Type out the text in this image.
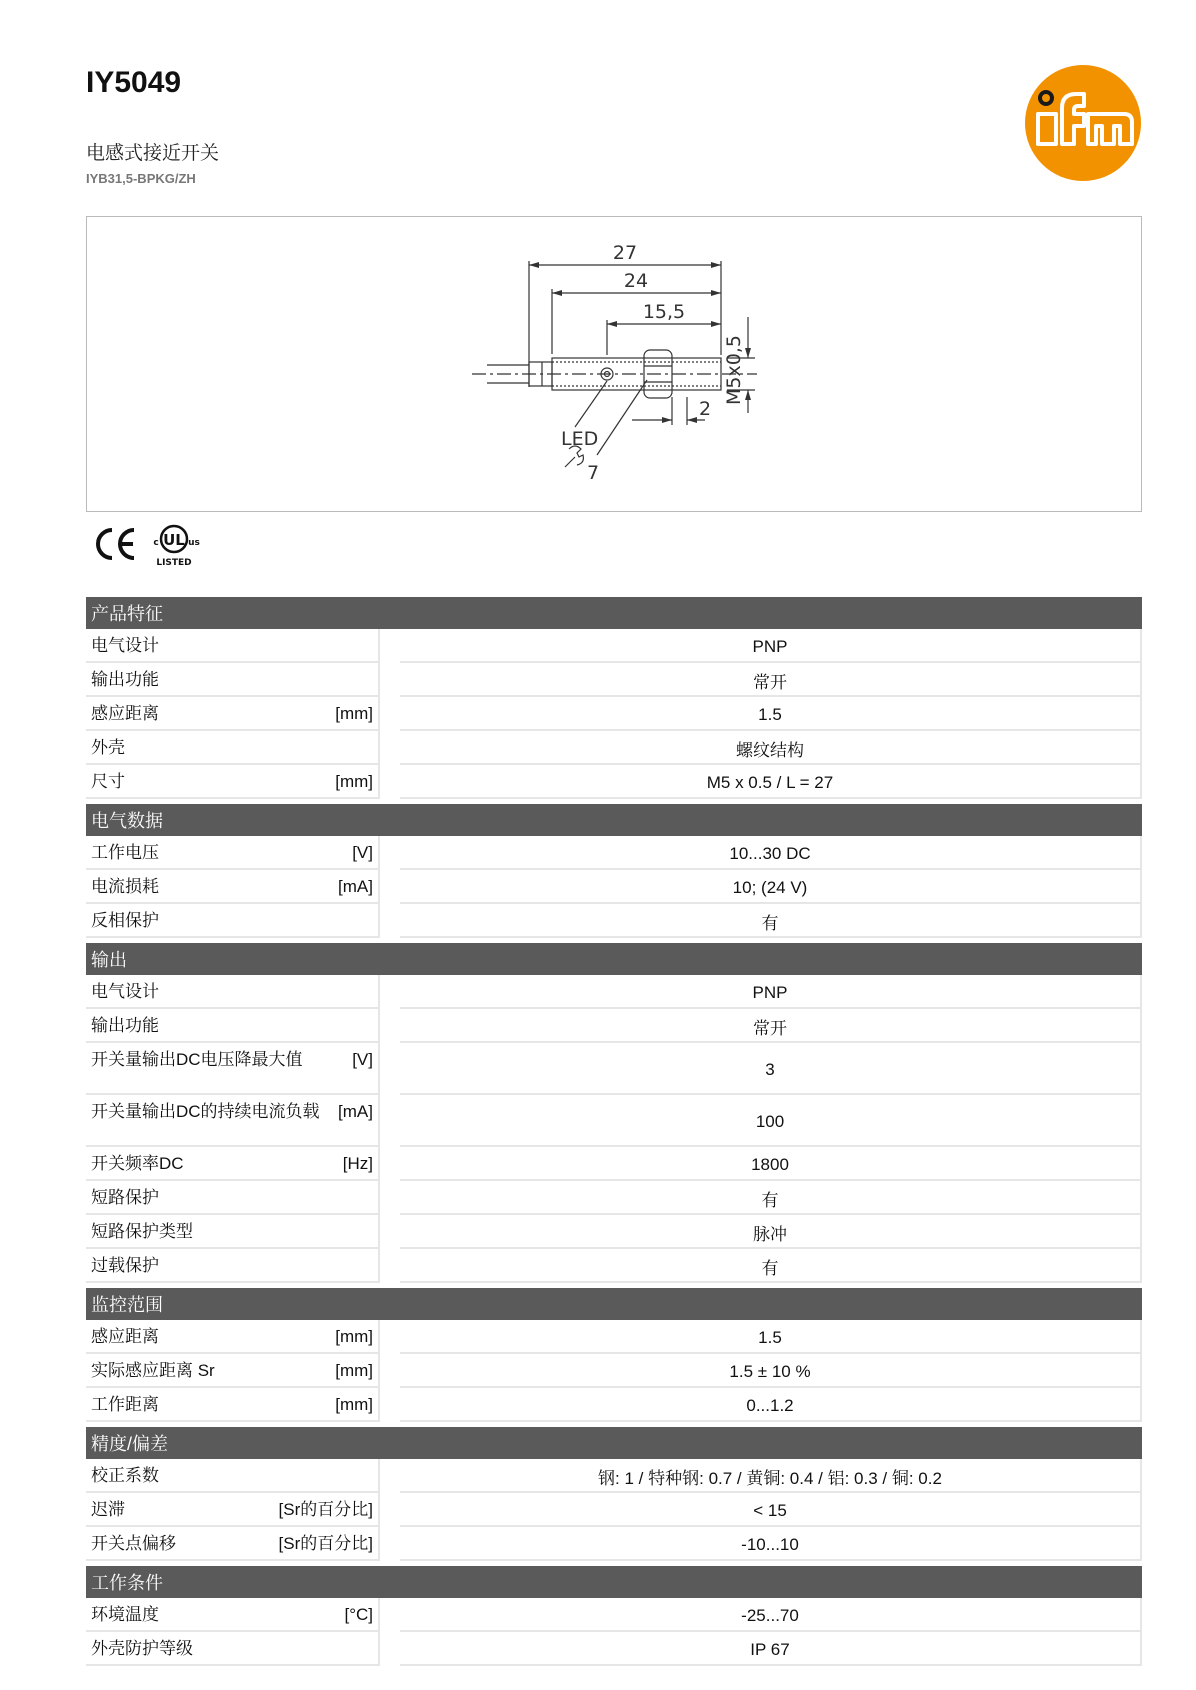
IY5049
电感式接近开关
IYB31,5-BPKG/ZH
27
24
15,5
M5x0,5
2
LED
7
UL
c	us
LISTED
产品特征
电气设计	PNP
输出功能	常开
感应距离	[mm]	1.5
外壳	螺纹结构
尺寸	[mm]	M5 x 0.5 / L = 27
电气数据
工作电压	[V]	10...30 DC
电流损耗	[mA]	10; (24 V)
反相保护	有
输出
电气设计	PNP
输出功能	常开
开关量输出DC电压降最大值	[V]	3
开关量输出DC的持续电流负载	[mA]	100
开关频率DC	[Hz]	1800
短路保护	有
短路保护类型	脉冲
过载保护	有
监控范围
感应距离	[mm]	1.5
实际感应距离 Sr	[mm]	1.5 ± 10 %
工作距离	[mm]	0...1.2
精度/偏差
校正系数	钢: 1 / 特种钢: 0.7 / 黄铜: 0.4 / 铝: 0.3 / 铜: 0.2
迟滞	[Sr的百分比]	< 15
开关点偏移	[Sr的百分比]	-10...10
工作条件
环境温度	[°C]	-25...70
外壳防护等级	IP 67
